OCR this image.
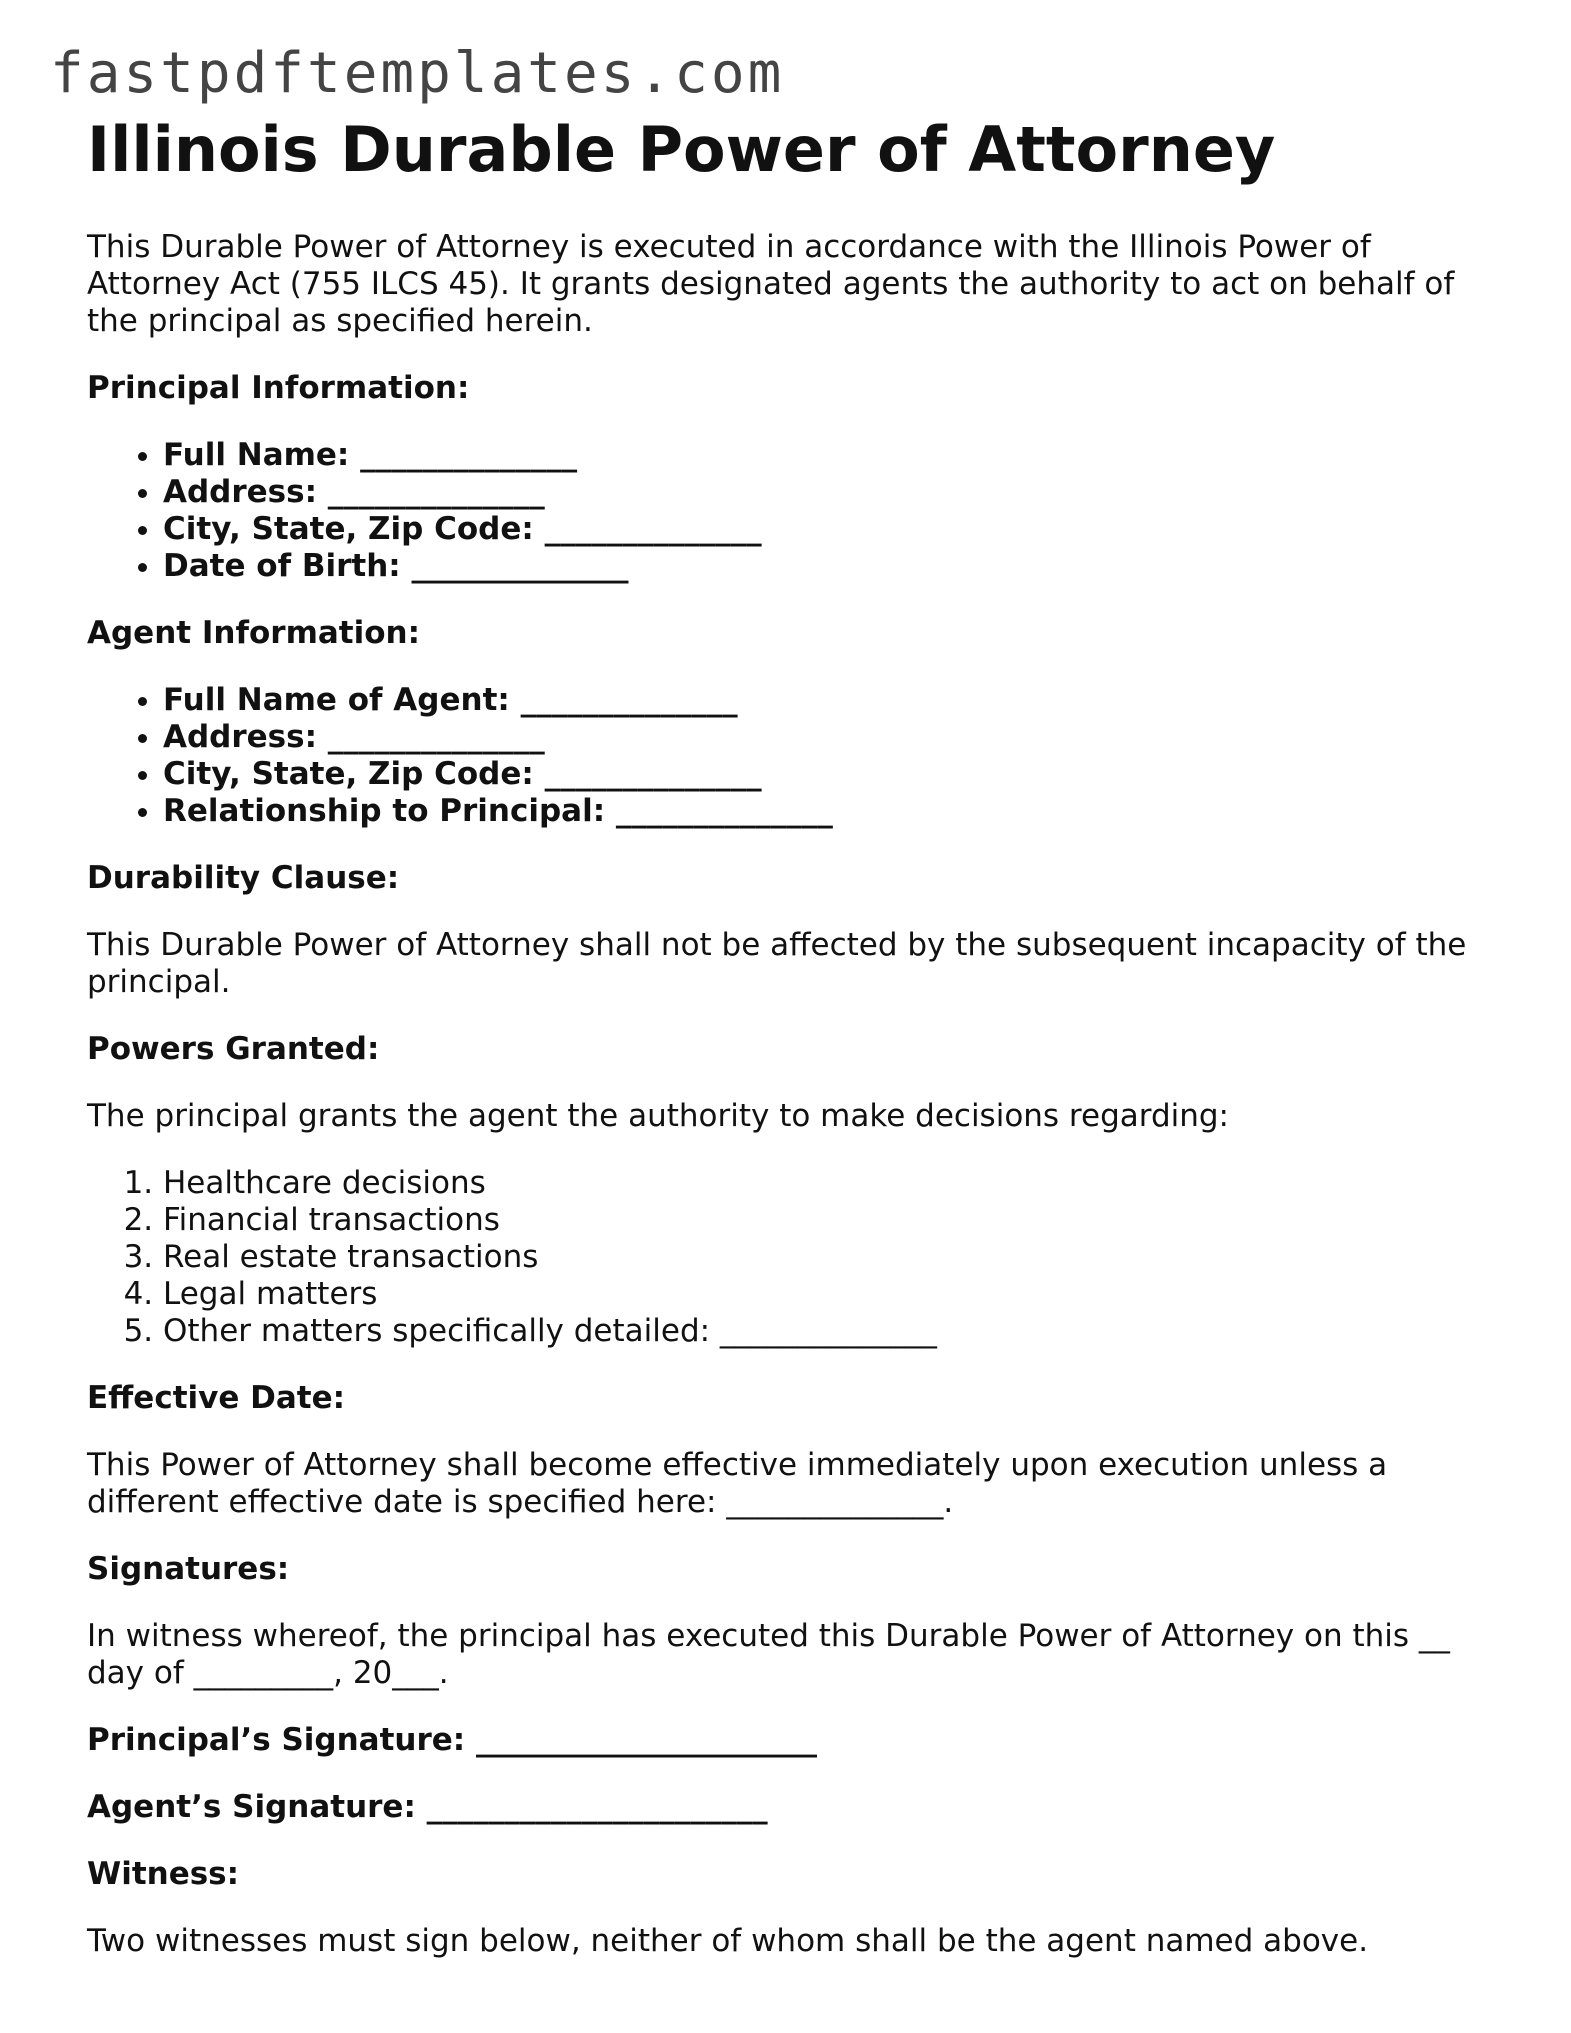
fastpdftemplates.com
Illinois Durable Power of Attorney

This Durable Power of Attorney is executed in accordance with the Illinois Power of Attorney Act (755 ILCS 45). It grants designated agents the authority to act on behalf of the principal as specified herein.

Principal Information:

• Full Name: ______________
• Address: ______________
• City, State, Zip Code: ______________
• Date of Birth: ______________

Agent Information:

• Full Name of Agent: ______________
• Address: ______________
• City, State, Zip Code: ______________
• Relationship to Principal: ______________

Durability Clause:

This Durable Power of Attorney shall not be affected by the subsequent incapacity of the principal.

Powers Granted:

The principal grants the agent the authority to make decisions regarding:

1. Healthcare decisions
2. Financial transactions
3. Real estate transactions
4. Legal matters
5. Other matters specifically detailed: ______________

Effective Date:

This Power of Attorney shall become effective immediately upon execution unless a different effective date is specified here: ______________.

Signatures:

In witness whereof, the principal has executed this Durable Power of Attorney on this __ day of _________, 20___.

Principal’s Signature: ______________________

Agent’s Signature: ______________________

Witness:

Two witnesses must sign below, neither of whom shall be the agent named above.
